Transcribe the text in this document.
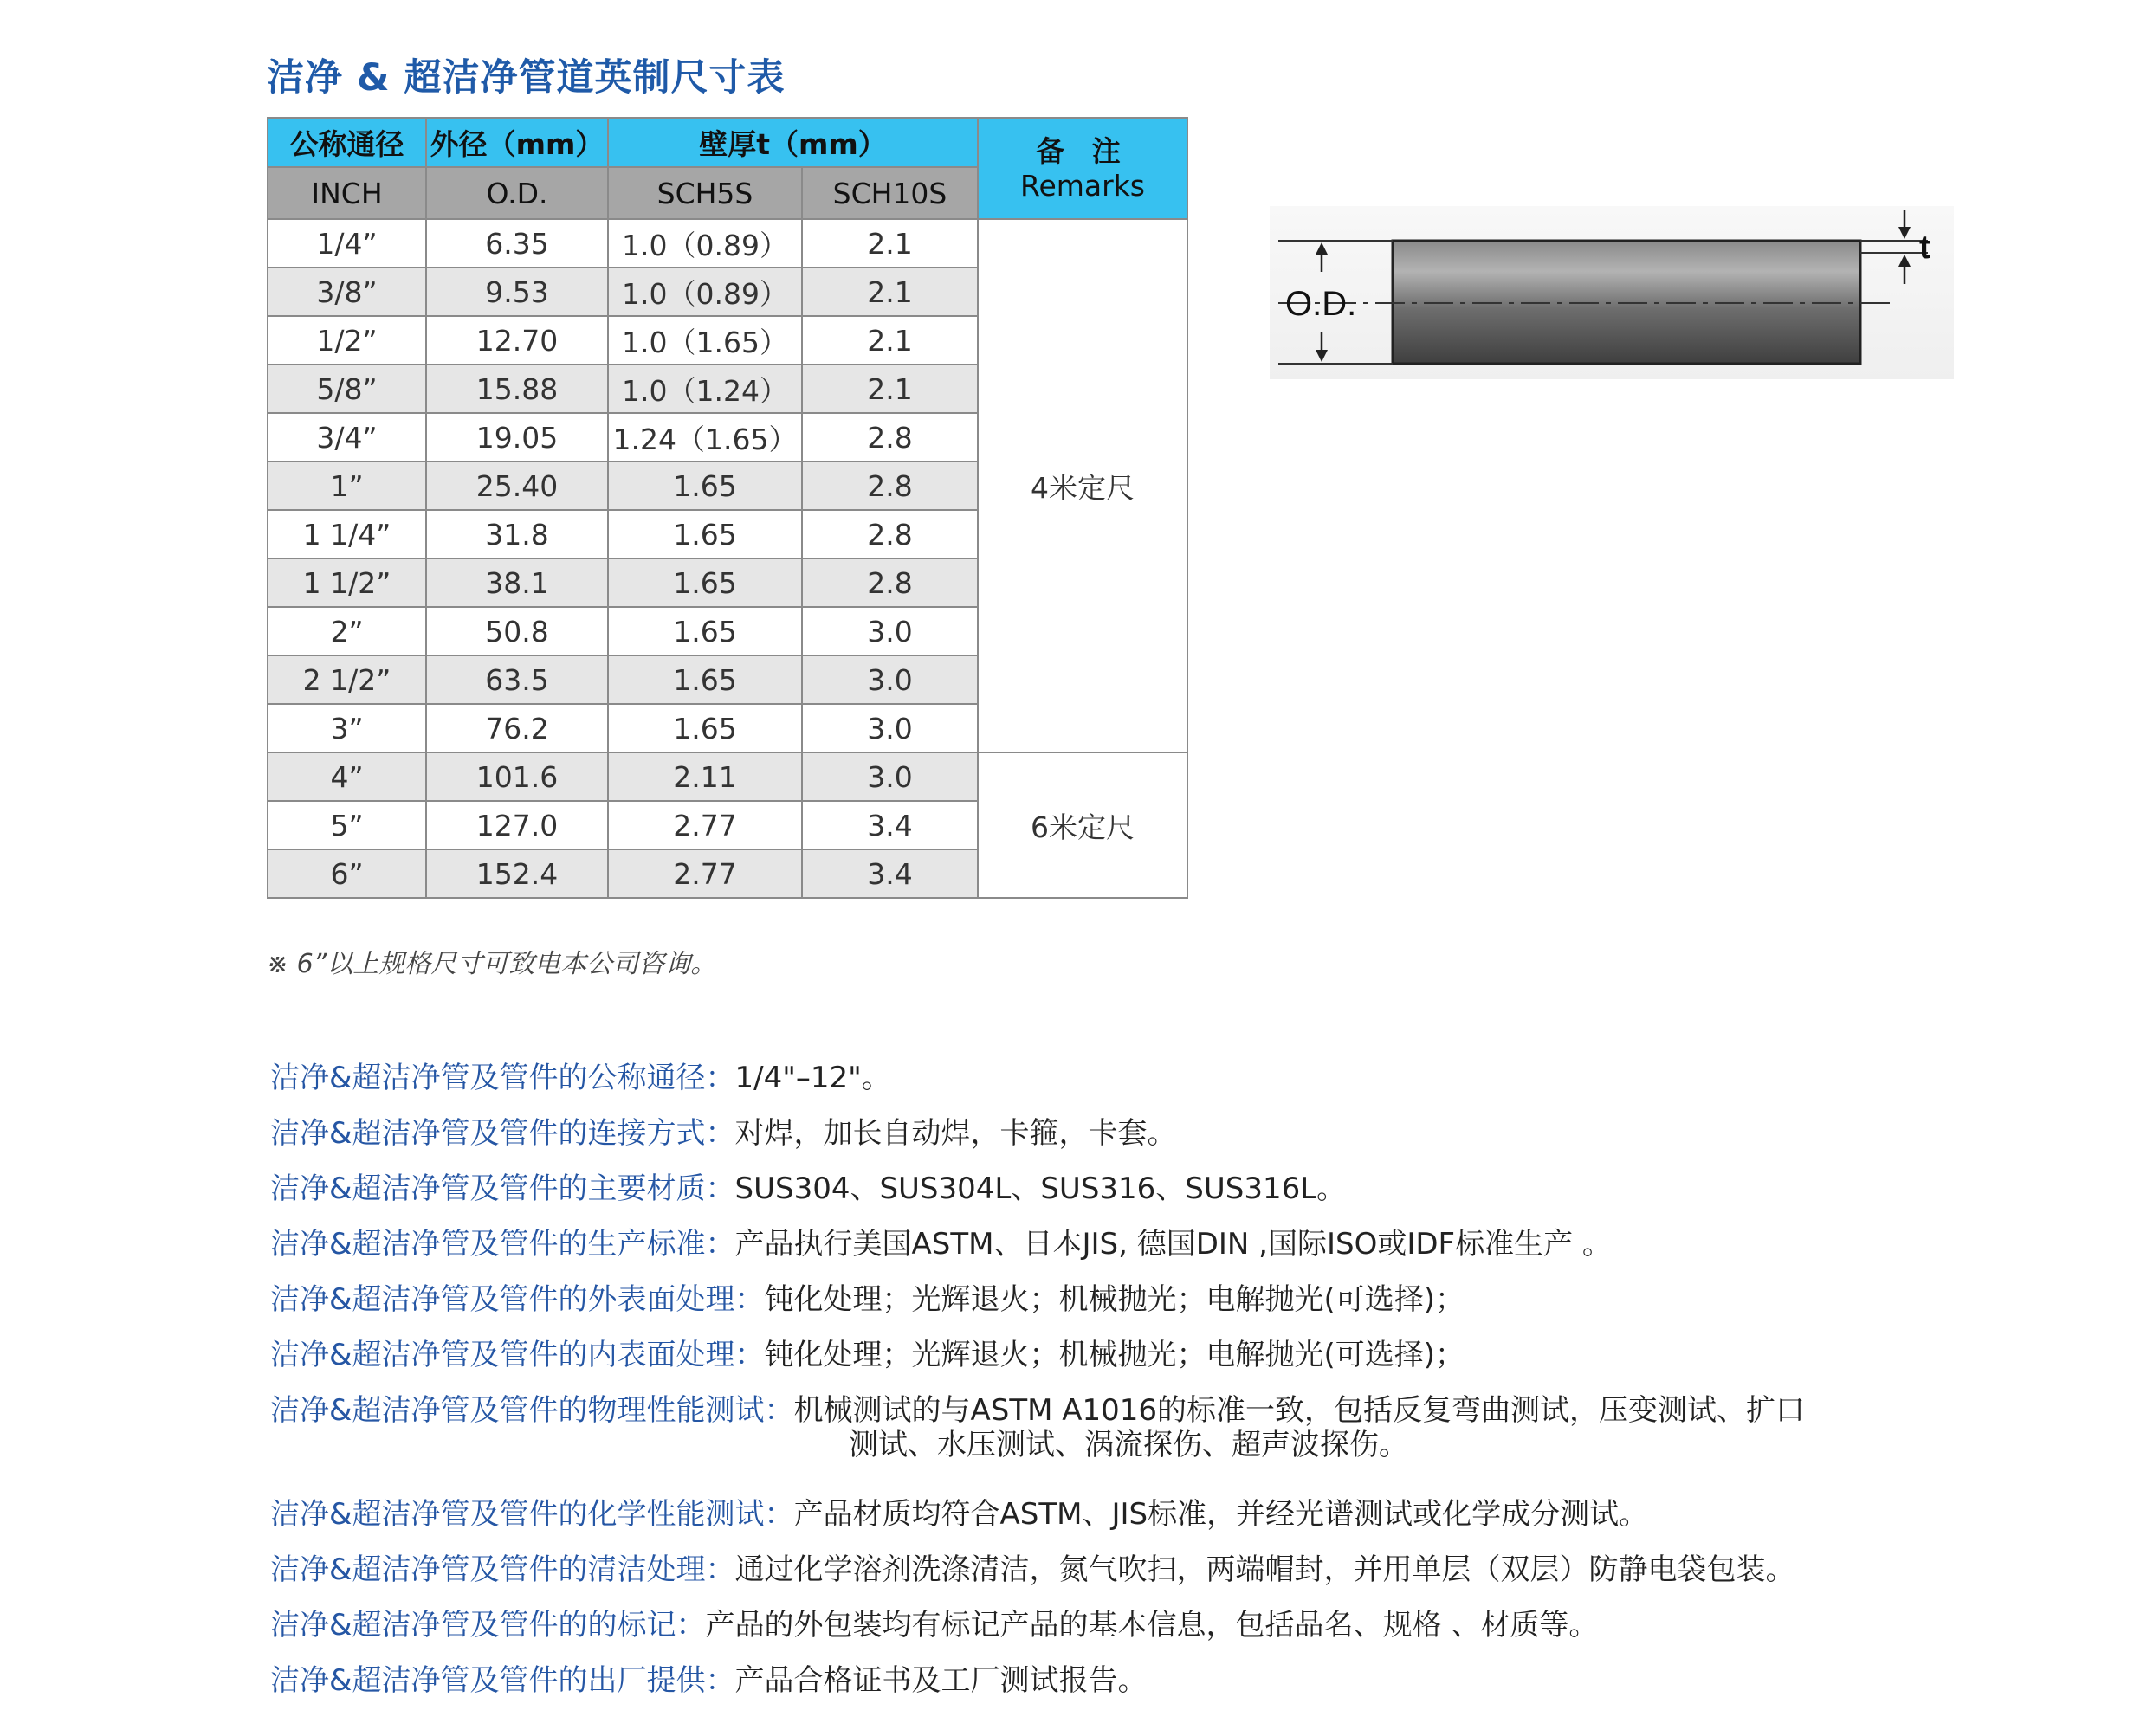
洁净 & 超洁净管道英制尺寸表
公称通径	外径（mm）	壁厚t（mm）		备 注
Remarks

INCH	O.D.	SCH5S	SCH10S	
1/4”	6.35	1.0（0.89）	2.1	4米定尺
3/8”	9.53	1.0（0.89）	2.1	
1/2”	12.70	1.0（1.65）	2.1	
5/8”	15.88	1.0（1.24）	2.1	
3/4”	19.05	1.24（1.65）	2.8	
1”	25.40	1.65	2.8	
1 1/4”	31.8	1.65	2.8	
1 1/2”	38.1	1.65	2.8	
2”	50.8	1.65	3.0	
2 1/2”	63.5	1.65	3.0	
3”	76.2	1.65	3.0	
4”	101.6	2.11	3.0	6米定尺
5”	127.0	2.77	3.4	
6”	152.4	2.77	3.4	
※ 6”以上规格尺寸可致电本公司咨询。
O.D.
t
洁净&超洁净管及管件的公称通径：1/4"–12"。
洁净&超洁净管及管件的连接方式：对焊，加长自动焊，卡箍，卡套。
洁净&超洁净管及管件的主要材质：SUS304、SUS304L、SUS316、SUS316L。
洁净&超洁净管及管件的生产标准：产品执行美国ASTM、日本JIS, 德国DIN ,国际ISO或IDF标准生产 。
洁净&超洁净管及管件的外表面处理：钝化处理；光辉退火；机械抛光；电解抛光(可选择)；
洁净&超洁净管及管件的内表面处理：钝化处理；光辉退火；机械抛光；电解抛光(可选择)；
洁净&超洁净管及管件的物理性能测试：机械测试的与ASTM A1016的标准一致，包括反复弯曲测试，压变测试、扩口
测试、水压测试、涡流探伤、超声波探伤。
洁净&超洁净管及管件的化学性能测试：产品材质均符合ASTM、JIS标准，并经光谱测试或化学成分测试。
洁净&超洁净管及管件的清洁处理：通过化学溶剂洗涤清洁，氮气吹扫，两端帽封，并用单层（双层）防静电袋包装。
洁净&超洁净管及管件的的标记：产品的外包装均有标记产品的基本信息，包括品名、规格 、材质等。
洁净&超洁净管及管件的出厂提供：产品合格证书及工厂测试报告。
